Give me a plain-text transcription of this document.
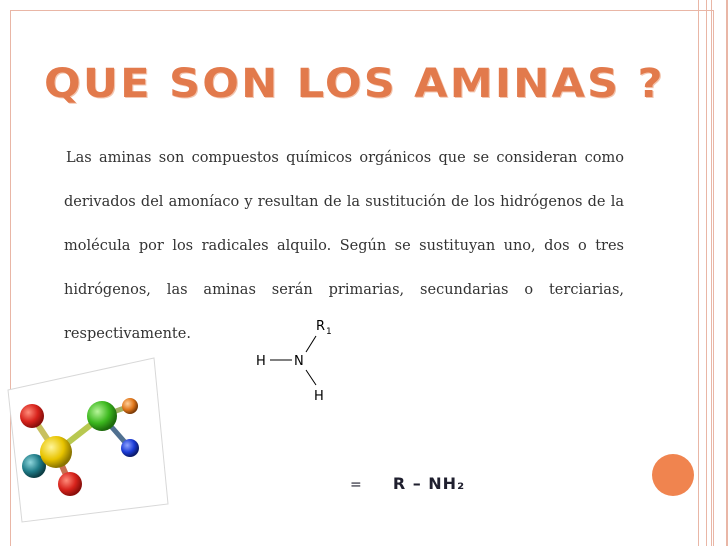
QUE SON LOS AMINAS ?
Las aminas son compuestos químicos orgánicos que se consideran como derivados del amoníaco y resultan de la sustitución de los hidrógenos de la molécula por los radicales alquilo. Según se sustituyan uno, dos o tres hidrógenos, las aminas serán primarias, secundarias o terciarias, respectivamente.	R 1
H N
H
= R – NH₂
